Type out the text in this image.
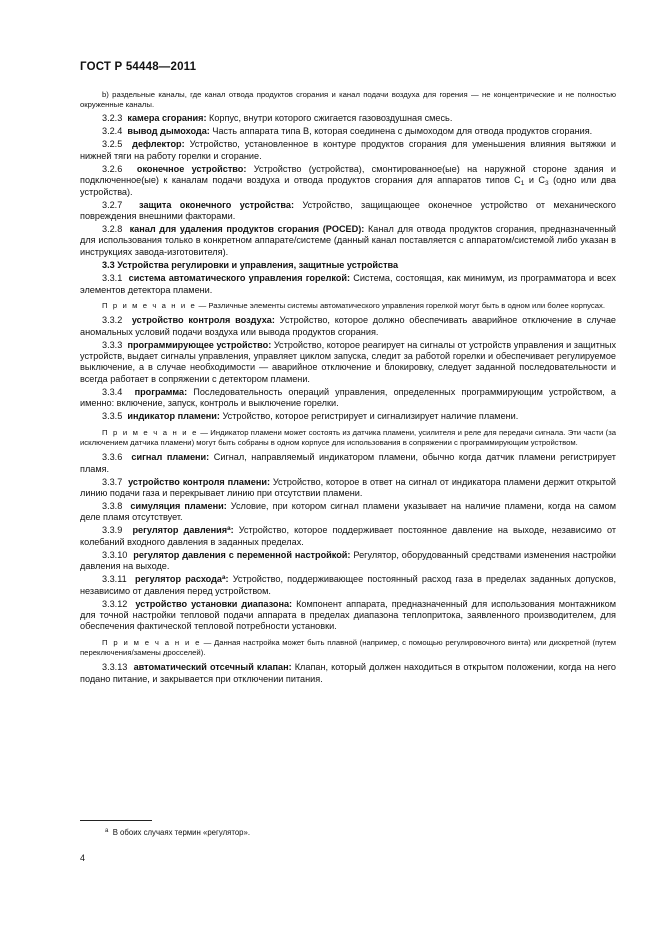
ГОСТ Р 54448—2011

b) раздельные каналы, где канал отвода продуктов сгорания и канал подачи воздуха для горения — не концентрические и не полностью окруженные каналы.

3.2.3 камера сгорания: Корпус, внутри которого сжигается газовоздушная смесь.

3.2.4 вывод дымохода: Часть аппарата типа В, которая соединена с дымоходом для отвода продуктов сгорания.

3.2.5 дефлектор: Устройство, установленное в контуре продуктов сгорания для уменьшения влияния вытяжки и нижней тяги на работу горелки и сгорание.

3.2.6 оконечное устройство: Устройство (устройства), смонтированное(ые) на наружной стороне здания и подключенное(ые) к каналам подачи воздуха и отвода продуктов сгорания для аппаратов типов $C_1$ и $C_3$ (одно или два устройства).

3.2.7 защита оконечного устройства: Устройство, защищающее оконечное устройство от механического повреждения внешними факторами.

3.2.8 канал для удаления продуктов сгорания (POCED): Канал для отвода продуктов сгорания, предназначенный для использования только в конкретном аппарате/системе (данный канал поставляется с аппаратом/системой либо указан в инструкциях завода-изготовителя).

3.3 Устройства регулировки и управления, защитные устройства

3.3.1 система автоматического управления горелкой: Система, состоящая, как минимум, из программатора и всех элементов детектора пламени.

П р и м е ч а н и е — Различные элементы системы автоматического управления горелкой могут быть в одном или более корпусах.

3.3.2 устройство контроля воздуха: Устройство, которое должно обеспечивать аварийное отключение в случае аномальных условий подачи воздуха или вывода продуктов сгорания.

3.3.3 программирующее устройство: Устройство, которое реагирует на сигналы от устройств управления и защитных устройств, выдает сигналы управления, управляет циклом запуска, следит за работой горелки и обеспечивает регулируемое выключение, а в случае необходимости — аварийное отключение и блокировку, следует заданной последовательности и всегда работает в сопряжении с детектором пламени.

3.3.4 программа: Последовательность операций управления, определенных программирующим устройством, а именно: включение, запуск, контроль и выключение горелки.

3.3.5 индикатор пламени: Устройство, которое регистрирует и сигнализирует наличие пламени.

П р и м е ч а н и е — Индикатор пламени может состоять из датчика пламени, усилителя и реле для передачи сигнала. Эти части (за исключением датчика пламени) могут быть собраны в одном корпусе для использования в сопряжении с программирующим устройством.

3.3.6 сигнал пламени: Сигнал, направляемый индикатором пламени, обычно когда датчик пламени регистрирует пламя.

3.3.7 устройство контроля пламени: Устройство, которое в ответ на сигнал от индикатора пламени держит открытой линию подачи газа и перекрывает линию при отсутствии пламени.

3.3.8 симуляция пламени: Условие, при котором сигнал пламени указывает на наличие пламени, когда на самом деле пламя отсутствует.

3.3.9 регулятор давления$^а$: Устройство, которое поддерживает постоянное давление на выходе, независимо от колебаний входного давления в заданных пределах.

3.3.10 регулятор давления с переменной настройкой: Регулятор, оборудованный средствами изменения настройки давления на выходе.

3.3.11 регулятор расхода$^а$: Устройство, поддерживающее постоянный расход газа в пределах заданных допусков, независимо от давления перед устройством.

3.3.12 устройство установки диапазона: Компонент аппарата, предназначенный для использования монтажником для точной настройки тепловой подачи аппарата в пределах диапазона теплопритока, заявленного производителем, для обеспечения фактической тепловой потребности установки.

П р и м е ч а н и е — Данная настройка может быть плавной (например, с помощью регулировочного винта) или дискретной (путем переключения/замены дросселей).

3.3.13 автоматический отсечный клапан: Клапан, который должен находиться в открытом положении, когда на него подано питание, и закрывается при отключении питания.

$^а$ В обоих случаях термин «регулятор».
4
